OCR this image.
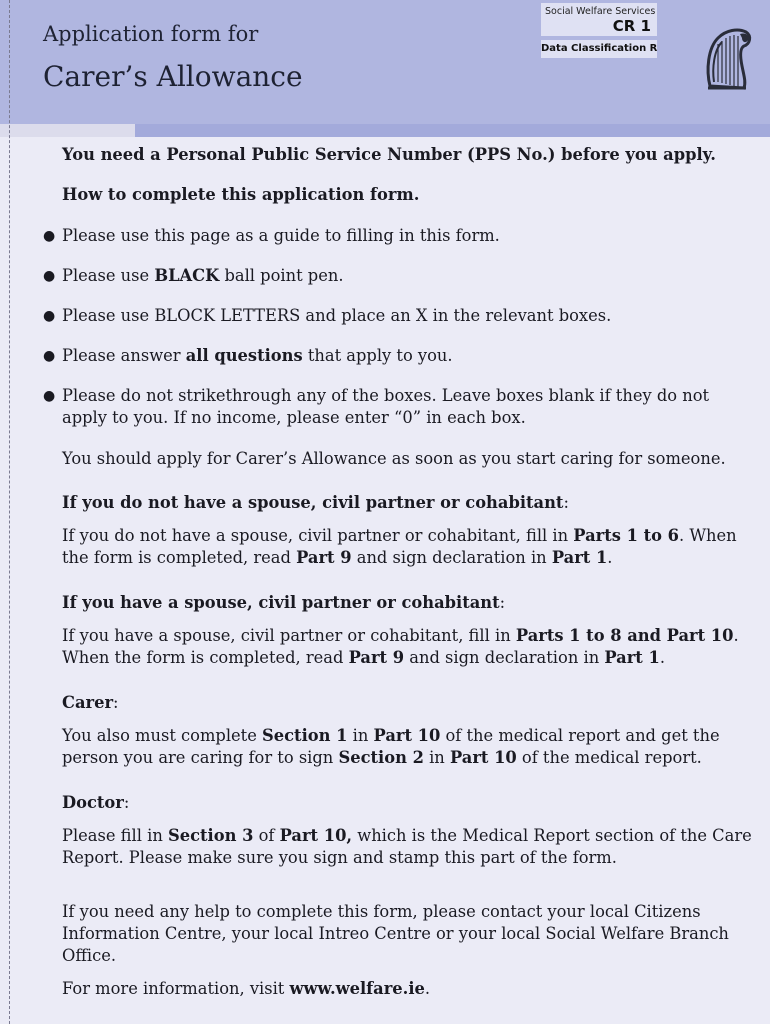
Application form for
Carer’s Allowance
Social Welfare Services
CR 1
Data Classification R

You need a Personal Public Service Number (PPS No.) before you apply.

How to complete this application form.

● Please use this page as a guide to filling in this form.

● Please use BLACK ball point pen.

● Please use BLOCK LETTERS and place an X in the relevant boxes.

● Please answer all questions that apply to you.

● Please do not strikethrough any of the boxes. Leave boxes blank if they do not apply to you. If no income, please enter “0” in each box.

You should apply for Carer’s Allowance as soon as you start caring for someone.

If you do not have a spouse, civil partner or cohabitant:

If you do not have a spouse, civil partner or cohabitant, fill in Parts 1 to 6. When the form is completed, read Part 9 and sign declaration in Part 1.

If you have a spouse, civil partner or cohabitant:

If you have a spouse, civil partner or cohabitant, fill in Parts 1 to 8 and Part 10. When the form is completed, read Part 9 and sign declaration in Part 1.

Carer:

You also must complete Section 1 in Part 10 of the medical report and get the person you are caring for to sign Section 2 in Part 10 of the medical report.

Doctor:

Please fill in Section 3 of Part 10, which is the Medical Report section of the Care Report. Please make sure you sign and stamp this part of the form.

If you need any help to complete this form, please contact your local Citizens Information Centre, your local Intreo Centre or your local Social Welfare Branch Office.

For more information, visit www.welfare.ie.
